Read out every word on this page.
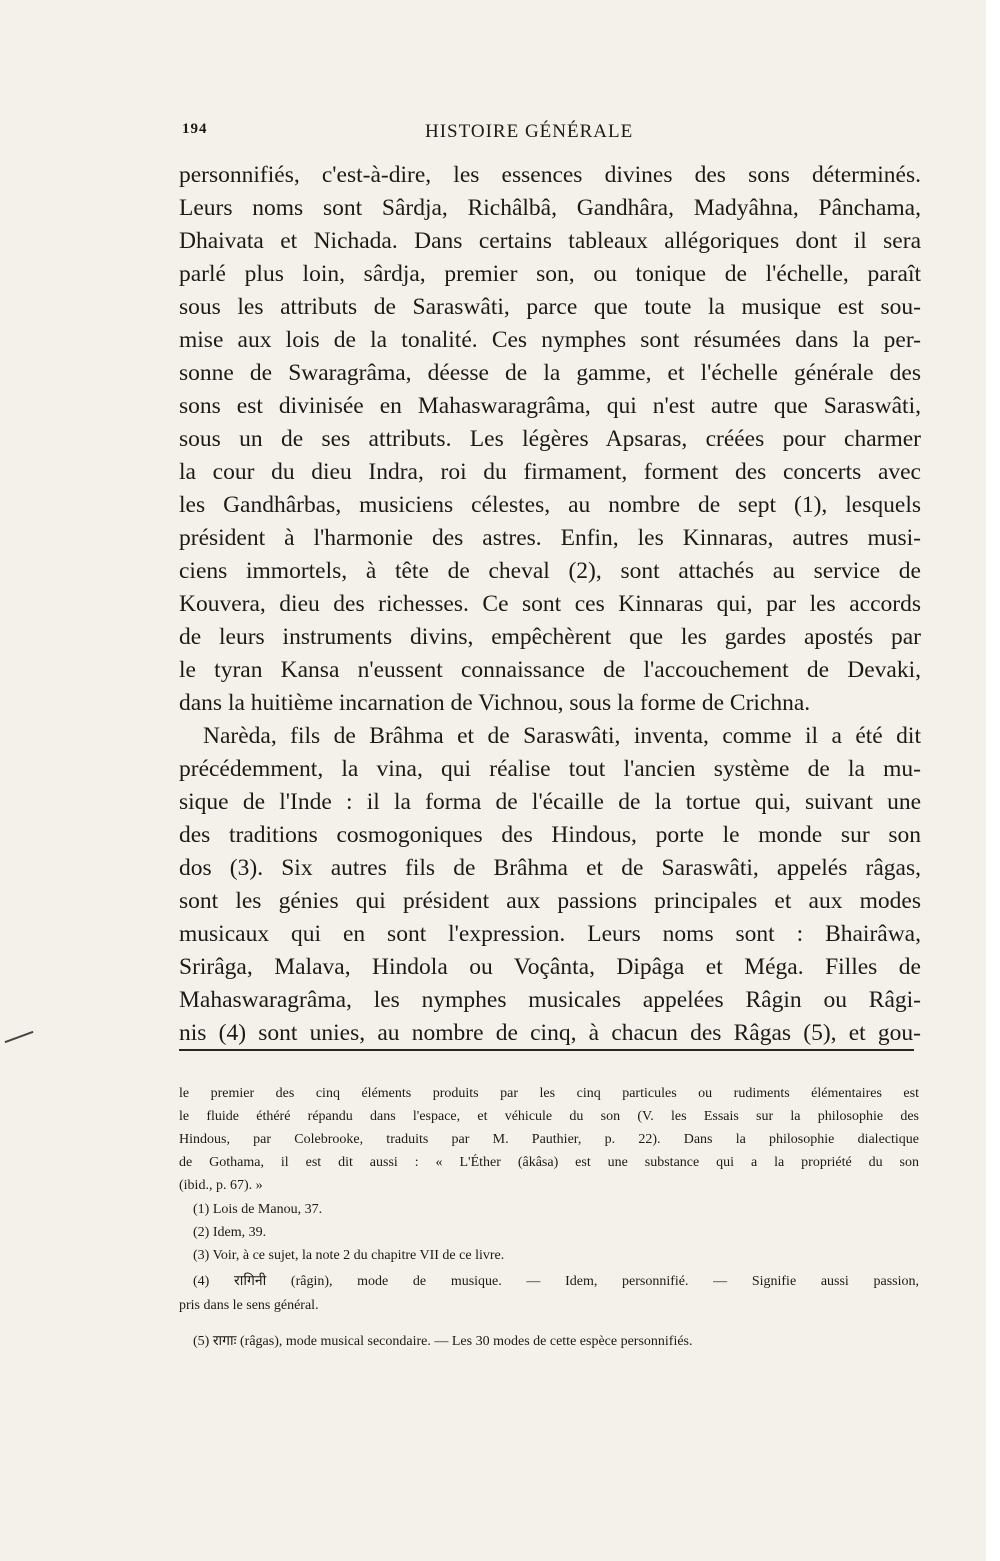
194	HISTOIRE GÉNÉRALE
personnifiés, c'est-à-dire, les essences divines des sons déterminés.
Leurs noms sont Sârdja, Richâlbâ, Gandhâra, Madyâhna, Pânchama,
Dhaivata et Nichada. Dans certains tableaux allégoriques dont il sera
parlé plus loin, sârdja, premier son, ou tonique de l'échelle, paraît
sous les attributs de Saraswâti, parce que toute la musique est sou-
mise aux lois de la tonalité. Ces nymphes sont résumées dans la per-
sonne de Swaragrâma, déesse de la gamme, et l'échelle générale des
sons est divinisée en Mahaswaragrâma, qui n'est autre que Saraswâti,
sous un de ses attributs. Les légères Apsaras, créées pour charmer
la cour du dieu Indra, roi du firmament, forment des concerts avec
les Gandhârbas, musiciens célestes, au nombre de sept (1), lesquels
président à l'harmonie des astres. Enfin, les Kinnaras, autres musi-
ciens immortels, à tête de cheval (2), sont attachés au service de
Kouvera, dieu des richesses. Ce sont ces Kinnaras qui, par les accords
de leurs instruments divins, empêchèrent que les gardes apostés par
le tyran Kansa n'eussent connaissance de l'accouchement de Devaki,
dans la huitième incarnation de Vichnou, sous la forme de Crichna.
Narèda, fils de Brâhma et de Saraswâti, inventa, comme il a été dit
précédemment, la vina, qui réalise tout l'ancien système de la mu-
sique de l'Inde : il la forma de l'écaille de la tortue qui, suivant une
des traditions cosmogoniques des Hindous, porte le monde sur son
dos (3). Six autres fils de Brâhma et de Saraswâti, appelés râgas,
sont les génies qui président aux passions principales et aux modes
musicaux qui en sont l'expression. Leurs noms sont : Bhairâwa,
Srirâga, Malava, Hindola ou Voçânta, Dipâga et Méga. Filles de
Mahaswaragrâma, les nymphes musicales appelées Râgin ou Râgi-
nis (4) sont unies, au nombre de cinq, à chacun des Râgas (5), et gou-
le premier des cinq éléments produits par les cinq particules ou rudiments élémentaires est
le fluide éthéré répandu dans l'espace, et véhicule du son (V. les Essais sur la philosophie des
Hindous, par Colebrooke, traduits par M. Pauthier, p. 22). Dans la philosophie dialectique
de Gothama, il est dit aussi : « L'Éther (âkâsa) est une substance qui a la propriété du son
(ibid., p. 67). »
(1) Lois de Manou, 37.
(2) Idem, 39.
(3) Voir, à ce sujet, la note 2 du chapitre VII de ce livre.
(4) रागिनी (râgin), mode de musique. — Idem, personnifié. — Signifie aussi passion,
pris dans le sens général.
(5) रागाः (râgas), mode musical secondaire. — Les 30 modes de cette espèce personnifiés.
